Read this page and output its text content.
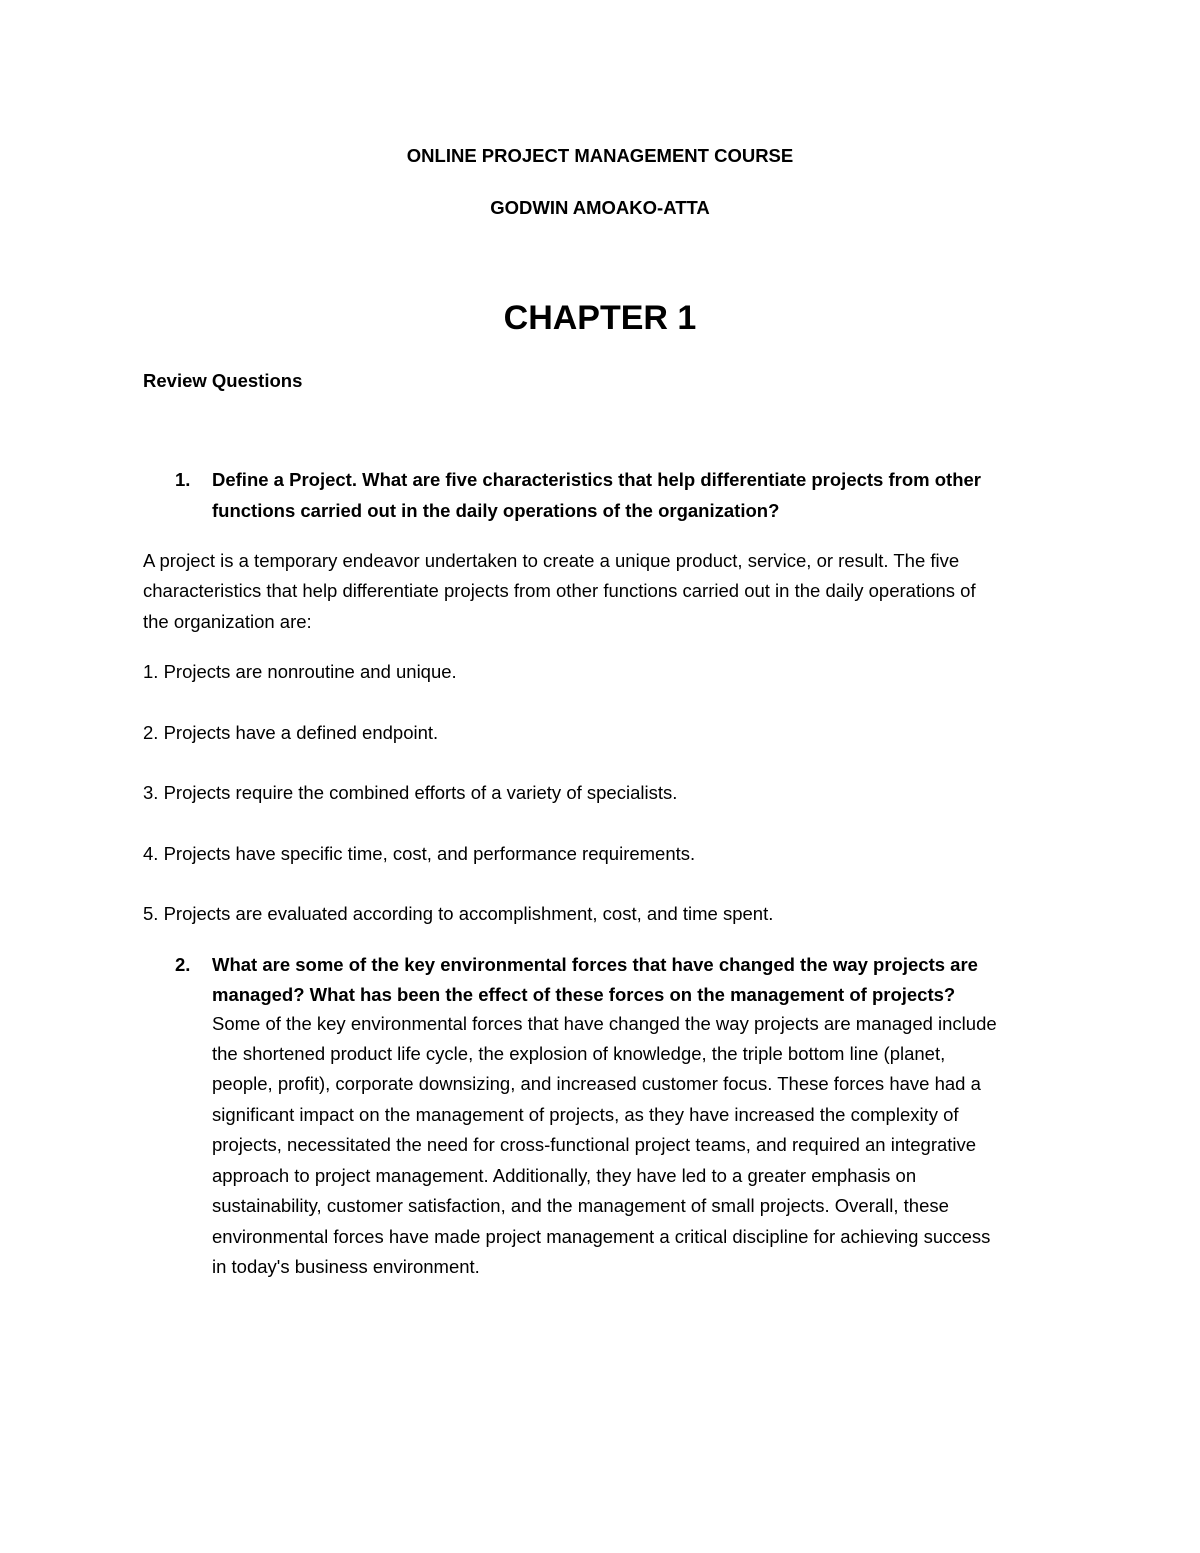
ONLINE PROJECT MANAGEMENT COURSE
GODWIN AMOAKO-ATTA
CHAPTER 1
Review Questions
1. Define a Project. What are five characteristics that help differentiate projects from other
functions carried out in the daily operations of the organization?
A project is a temporary endeavor undertaken to create a unique product, service, or result. The five
characteristics that help differentiate projects from other functions carried out in the daily operations of
the organization are:
1. Projects are nonroutine and unique.
2. Projects have a defined endpoint.
3. Projects require the combined efforts of a variety of specialists.
4. Projects have specific time, cost, and performance requirements.
5. Projects are evaluated according to accomplishment, cost, and time spent.
2. What are some of the key environmental forces that have changed the way projects are
managed? What has been the effect of these forces on the management of projects?
Some of the key environmental forces that have changed the way projects are managed include
the shortened product life cycle, the explosion of knowledge, the triple bottom line (planet,
people, profit), corporate downsizing, and increased customer focus. These forces have had a
significant impact on the management of projects, as they have increased the complexity of
projects, necessitated the need for cross-functional project teams, and required an integrative
approach to project management. Additionally, they have led to a greater emphasis on
sustainability, customer satisfaction, and the management of small projects. Overall, these
environmental forces have made project management a critical discipline for achieving success
in today's business environment.
